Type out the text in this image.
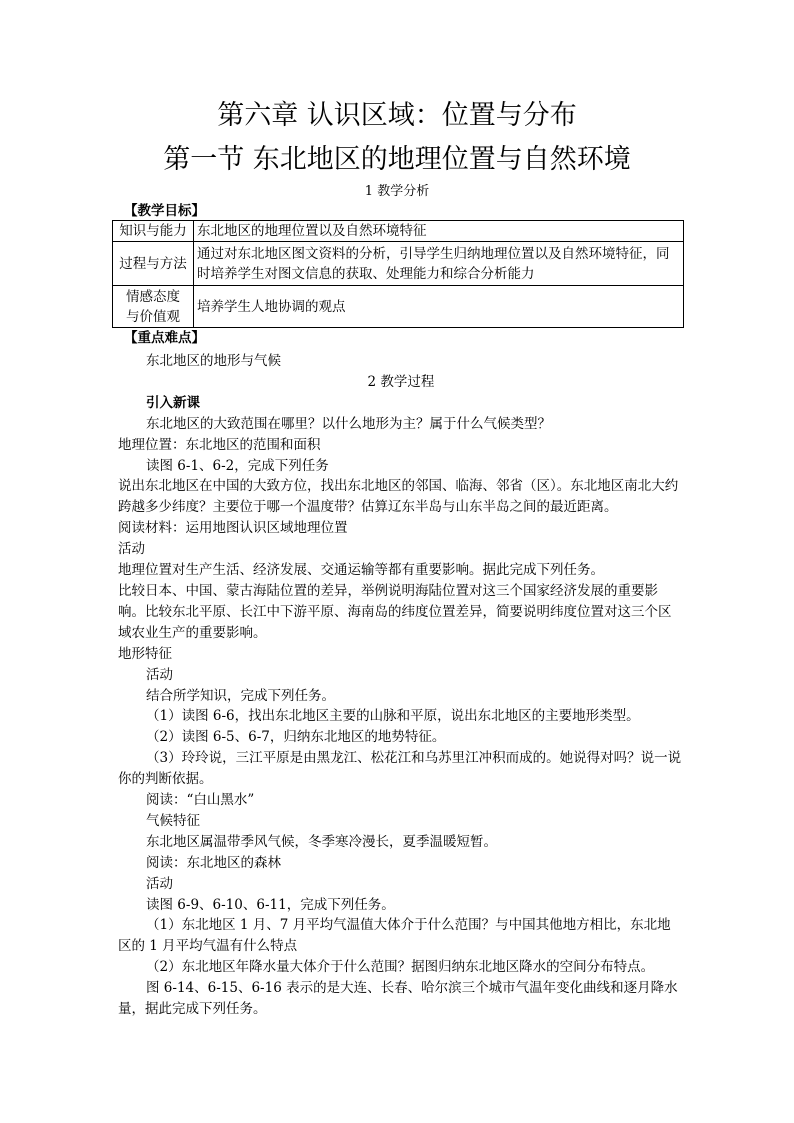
第六章 认识区域：位置与分布
第一节 东北地区的地理位置与自然环境
1 教学分析
【教学目标】
知识与能力	东北地区的地理位置以及自然环境特征
过程与方法	通过对东北地区图文资料的分析，引导学生归纳地理位置以及自然环境特征，同时培养学生对图文信息的获取、处理能力和综合分析能力
情感态度
与价值观	培养学生人地协调的观点
【重点难点】

东北地区的地形与气候

2 教学过程

引入新课

东北地区的大致范围在哪里？以什么地形为主？属于什么气候类型？

地理位置：东北地区的范围和面积

读图 6-1、6-2，完成下列任务

说出东北地区在中国的大致方位，找出东北地区的邻国、临海、邻省（区）。东北地区南北大约跨越多少纬度？主要位于哪一个温度带？估算辽东半岛与山东半岛之间的最近距离。

阅读材料：运用地图认识区域地理位置

活动

地理位置对生产生活、经济发展、交通运输等都有重要影响。据此完成下列任务。

比较日本、中国、蒙古海陆位置的差异，举例说明海陆位置对这三个国家经济发展的重要影响。比较东北平原、长江中下游平原、海南岛的纬度位置差异，简要说明纬度位置对这三个区域农业生产的重要影响。

地形特征

活动

结合所学知识，完成下列任务。

（1）读图 6-6，找出东北地区主要的山脉和平原，说出东北地区的主要地形类型。

（2）读图 6-5、6-7，归纳东北地区的地势特征。

（3）玲玲说，三江平原是由黑龙江、松花江和乌苏里江冲积而成的。她说得对吗？说一说你的判断依据。

阅读：“白山黑水”

气候特征

东北地区属温带季风气候，冬季寒冷漫长，夏季温暖短暂。

阅读：东北地区的森林

活动

读图 6-9、6-10、6-11，完成下列任务。

（1）东北地区 1 月、7 月平均气温值大体介于什么范围？与中国其他地方相比，东北地区的 1 月平均气温有什么特点

（2）东北地区年降水量大体介于什么范围？据图归纳东北地区降水的空间分布特点。

图 6-14、6-15、6-16 表示的是大连、长春、哈尔滨三个城市气温年变化曲线和逐月降水量，据此完成下列任务。
